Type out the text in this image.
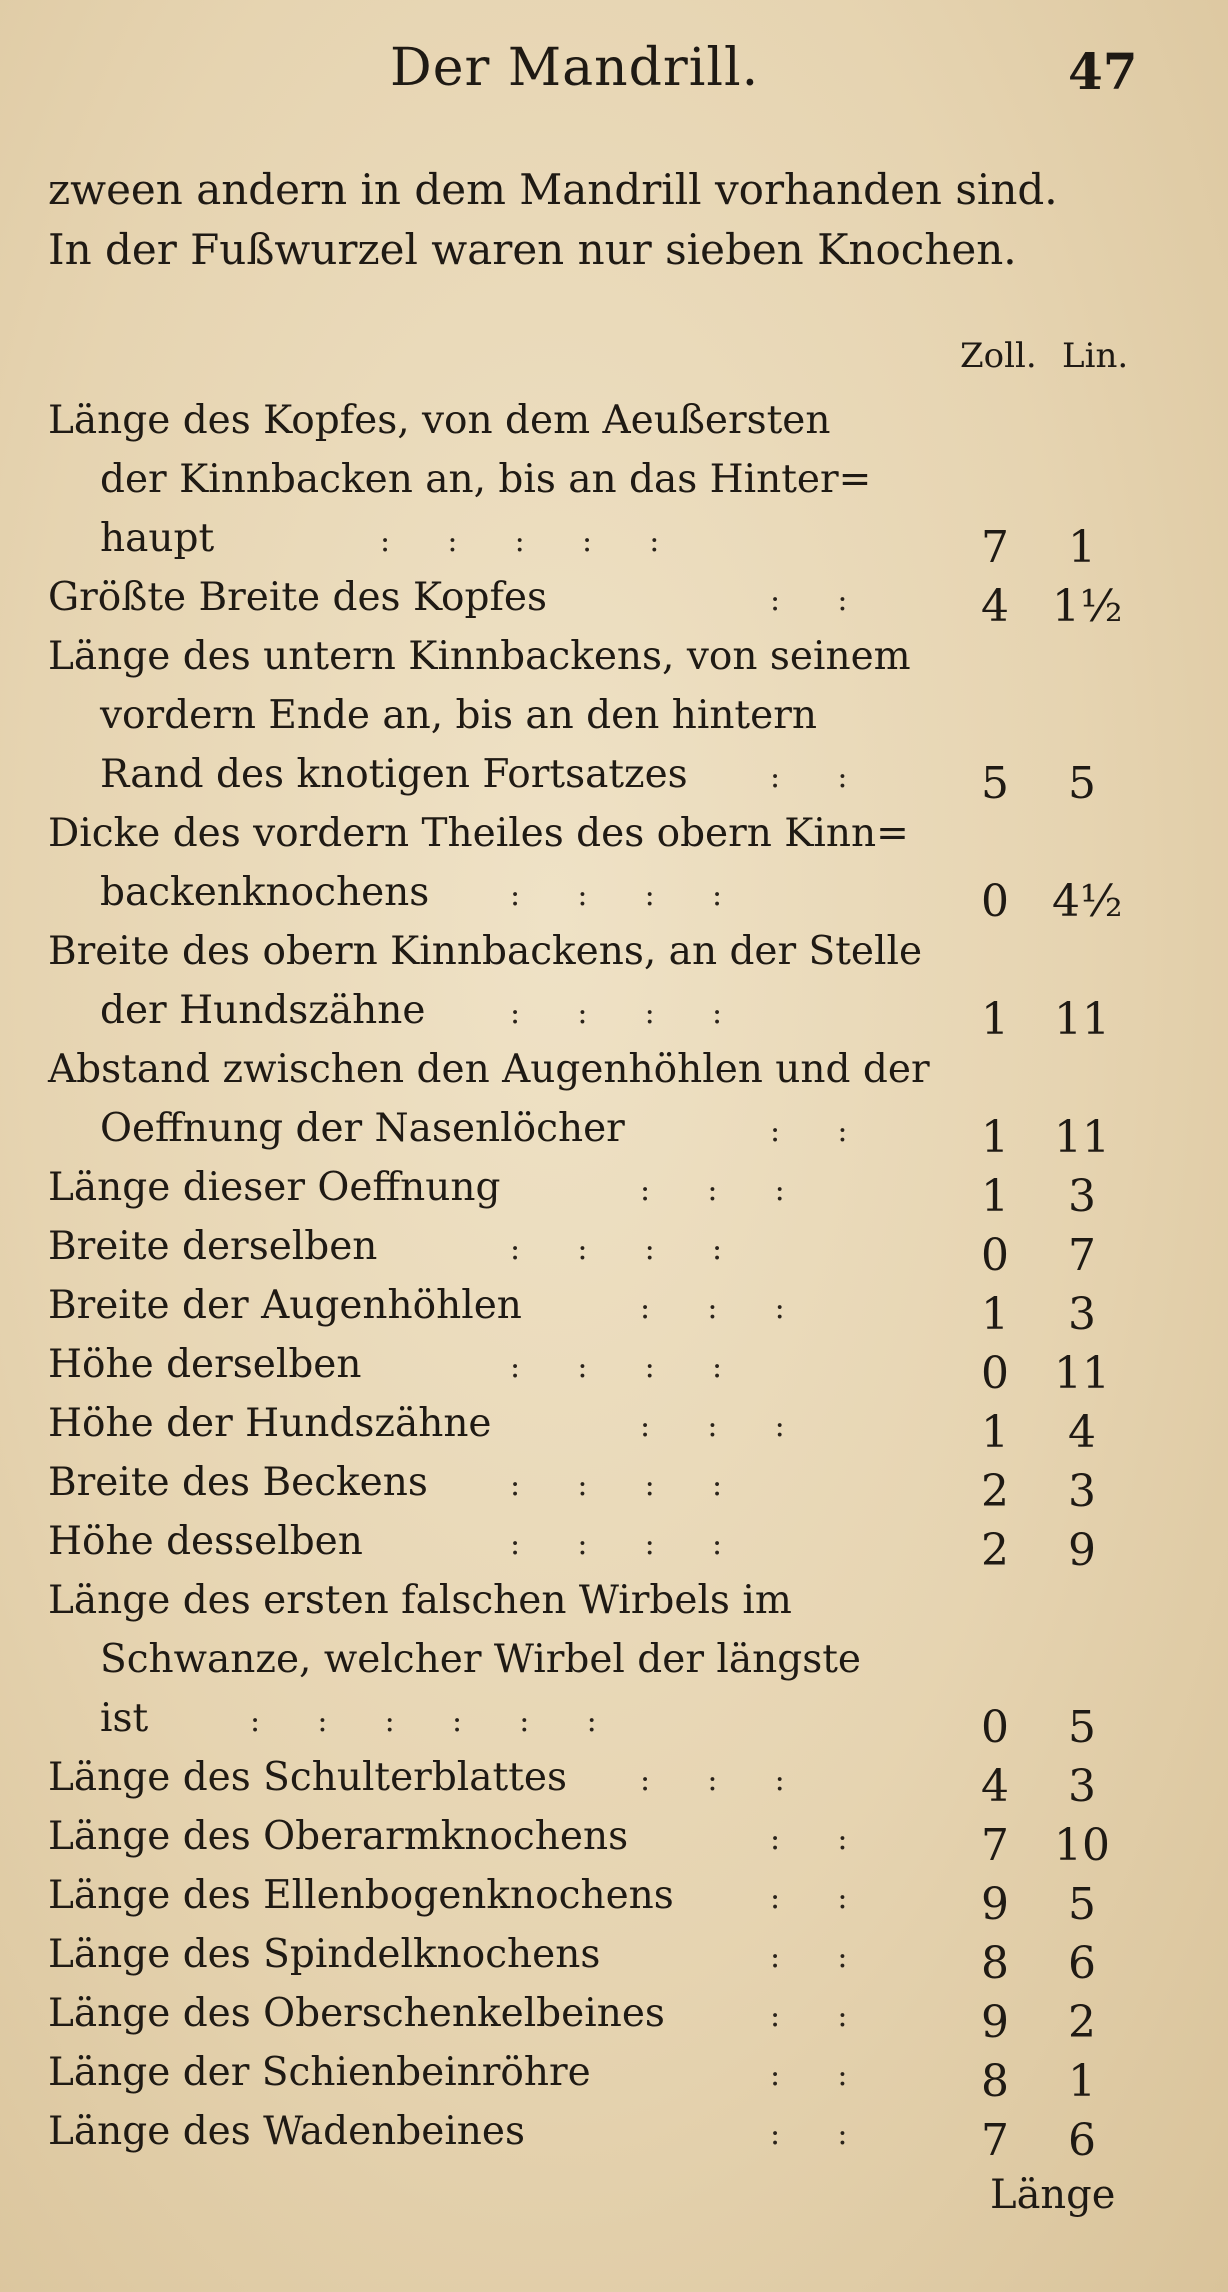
Der Mandrill.	47
zween andern in dem Mandrill vorhanden sind.
In der Fußwurzel waren nur sieben Knochen.
Zoll. Lin.
Länge des Kopfes, von dem Aeußersten
der Kinnbacken an, bis an das Hinter=
haupt	:      :      :      :      :	7	1
Größte Breite des Kopfes	:      :	4 1½
Länge des untern Kinnbackens, von seinem
vordern Ende an, bis an den hintern
Rand des knotigen Fortsatzes	:      :	5	5
Dicke des vordern Theiles des obern Kinn=
backenknochens	:      :      :      :	0 4½
Breite des obern Kinnbackens, an der Stelle
der Hundszähne	:      :      :      :	1	11
Abstand zwischen den Augenhöhlen und der
Oeffnung der Nasenlöcher	:      :	1	11
Länge dieser Oeffnung	:      :      :	1	3
Breite derselben	:      :      :      :	0	7
Breite der Augenhöhlen	:      :      :	1	3
Höhe derselben	:      :      :      :	0	11
Höhe der Hundszähne	:      :      :	1	4
Breite des Beckens	:      :      :      :	2	3
Höhe desselben	:      :      :      :	2	9
Länge des ersten falschen Wirbels im
Schwanze, welcher Wirbel der längste
ist	:      :      :      :      :      :	0	5
Länge des Schulterblattes :      :      :	4	3
Länge des Oberarmknochens	:      :	7	10
Länge des Ellenbogenknochens	:      :	9	5
Länge des Spindelknochens	:      :	8	6
Länge des Oberschenkelbeines	:      :	9	2
Länge der Schienbeinröhre	:      :	8	1
Länge des Wadenbeines	:      :	7	6
Länge
